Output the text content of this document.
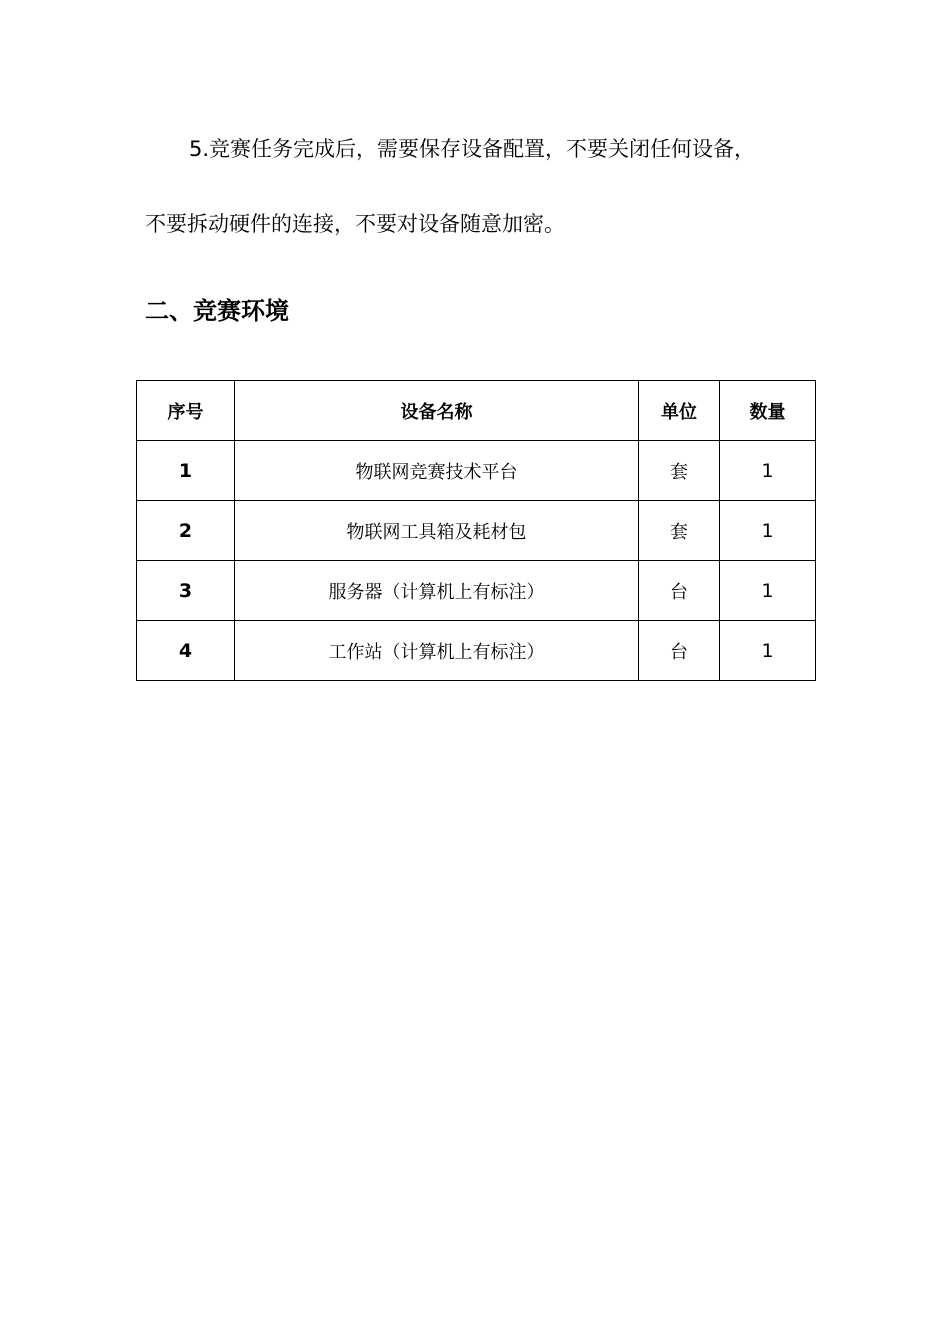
5.竞赛任务完成后，需要保存设备配置，不要关闭任何设备，
不要拆动硬件的连接，不要对设备随意加密。

二、竞赛环境
序号	设备名称	单位	数量
1	物联网竞赛技术平台	套	1
2	物联网工具箱及耗材包	套	1
3	服务器（计算机上有标注）	台	1
4	工作站（计算机上有标注）	台	1
